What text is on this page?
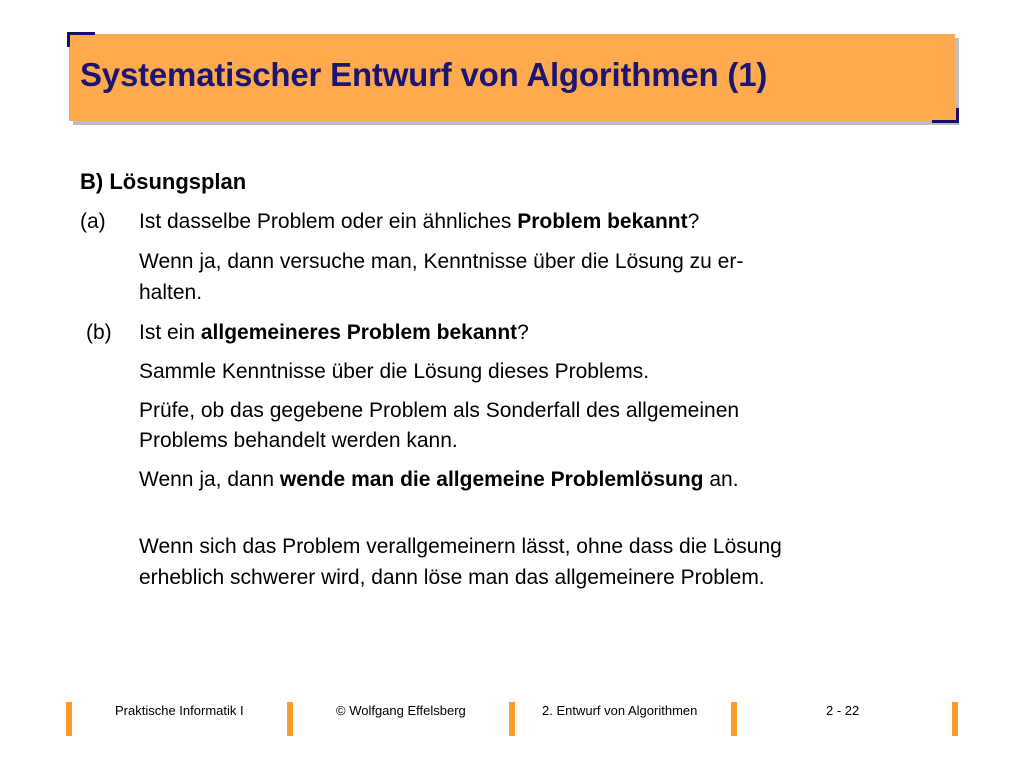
Systematischer Entwurf von Algorithmen (1)
B) Lösungsplan
(a) Ist dasselbe Problem oder ein ähnliches Problem bekannt?
Wenn ja, dann versuche man, Kenntnisse über die Lösung zu er-
halten.
(b) Ist ein allgemeineres Problem bekannt?
Sammle Kenntnisse über die Lösung dieses Problems.
Prüfe, ob das gegebene Problem als Sonderfall des allgemeinen
Problems behandelt werden kann.
Wenn ja, dann wende man die allgemeine Problemlösung an.
Wenn sich das Problem verallgemeinern lässt, ohne dass die Lösung
erheblich schwerer wird, dann löse man das allgemeinere Problem.
Praktische Informatik I	© Wolfgang Effelsberg	2. Entwurf von Algorithmen	2 - 22
